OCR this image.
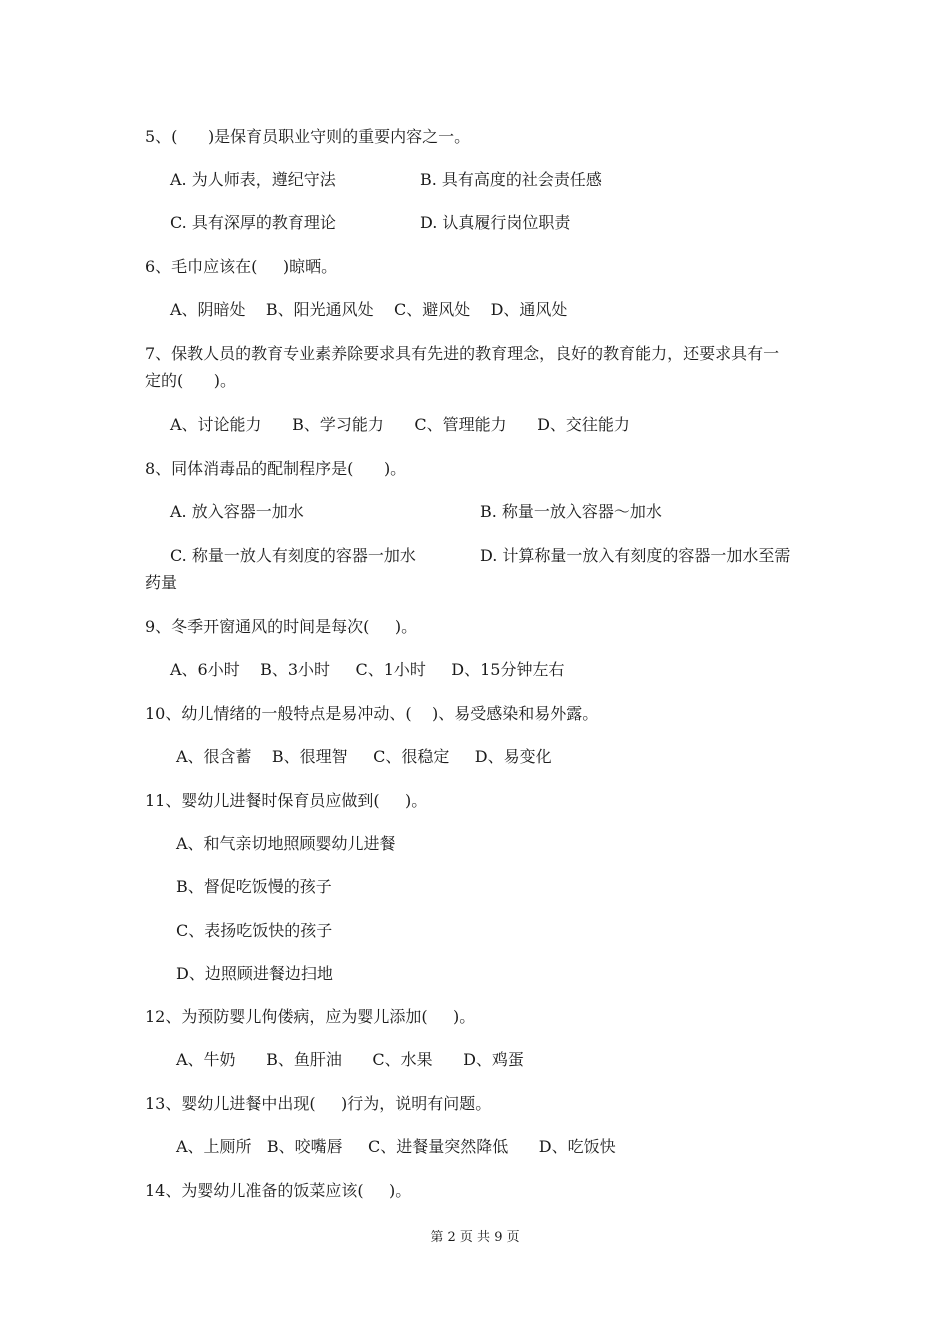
5、(      )是保育员职业守则的重要内容之一。
A. 为人师表，遵纪守法	B. 具有高度的社会责任感
C. 具有深厚的教育理论	D. 认真履行岗位职责
6、毛巾应该在(     )晾晒。
A、阴暗处    B、阳光通风处    C、避风处    D、通风处
7、保教人员的教育专业素养除要求具有先进的教育理念，良好的教育能力，还要求具有一
定的(      )。
A、讨论能力      B、学习能力      C、管理能力      D、交往能力
8、同体消毒品的配制程序是(      )。
A. 放入容器一加水	B. 称量一放入容器～加水
C. 称量一放人有刻度的容器一加水	D. 计算称量一放入有刻度的容器一加水至需
药量
9、冬季开窗通风的时间是每次(     )。
A、6小时    B、3小时     C、1小时     D、15分钟左右
10、幼儿情绪的一般特点是易冲动、(    )、易受感染和易外露。
A、很含蓄    B、很理智     C、很稳定     D、易变化
11、婴幼儿进餐时保育员应做到(     )。
A、和气亲切地照顾婴幼儿进餐
B、督促吃饭慢的孩子
C、表扬吃饭快的孩子
D、边照顾进餐边扫地
12、为预防婴儿佝偻病，应为婴儿添加(     )。
A、牛奶      B、鱼肝油      C、水果      D、鸡蛋
13、婴幼儿进餐中出现(     )行为，说明有问题。
A、上厕所   B、咬嘴唇     C、进餐量突然降低      D、吃饭快
14、为婴幼儿准备的饭菜应该(     )。
第 2 页 共 9 页
